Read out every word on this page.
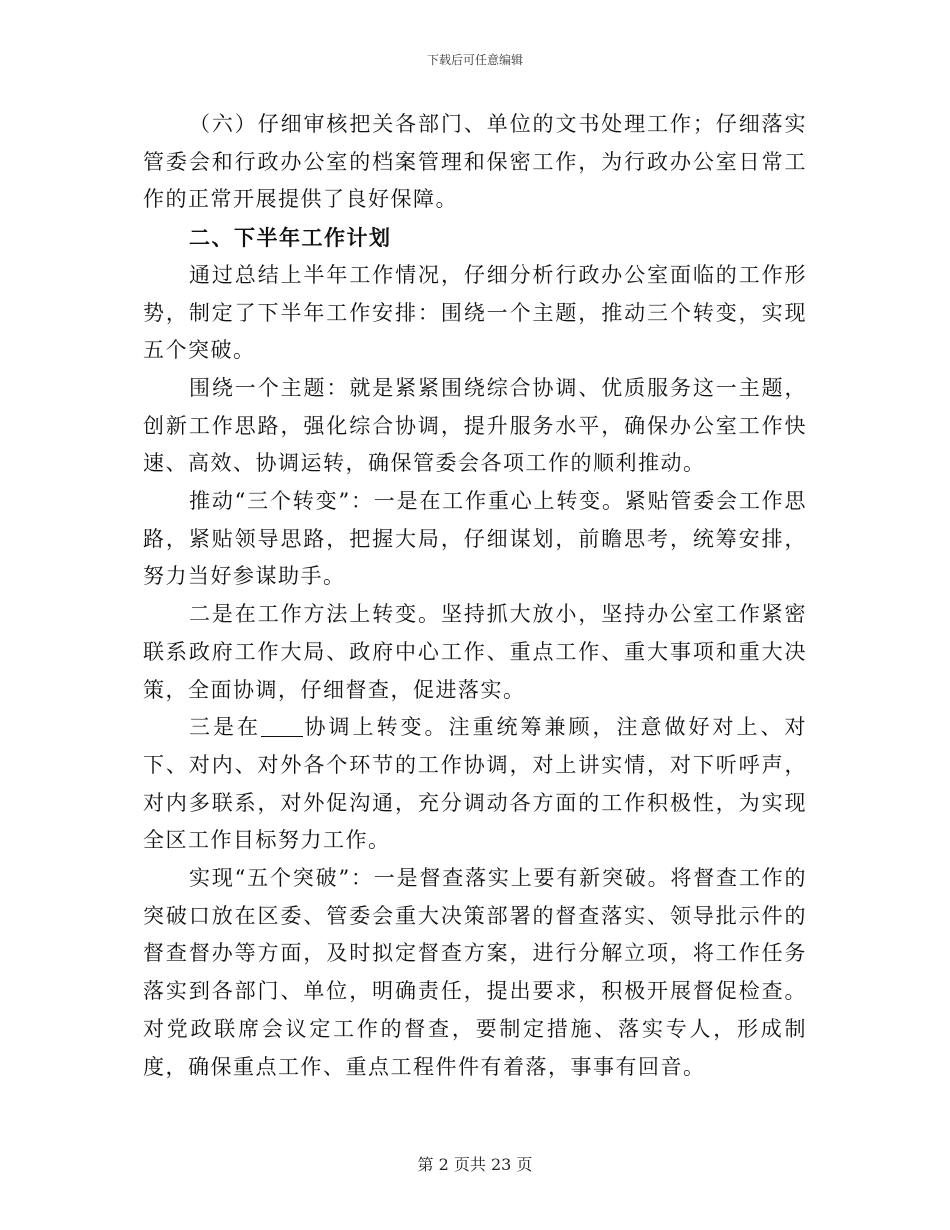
下载后可任意编辑

（六）仔细审核把关各部门、单位的文书处理工作；仔细落实管委会和行政办公室的档案管理和保密工作，为行政办公室日常工作的正常开展提供了良好保障。

二、下半年工作计划

通过总结上半年工作情况，仔细分析行政办公室面临的工作形势，制定了下半年工作安排：围绕一个主题，推动三个转变，实现五个突破。

围绕一个主题：就是紧紧围绕综合协调、优质服务这一主题，创新工作思路，强化综合协调，提升服务水平，确保办公室工作快速、高效、协调运转，确保管委会各项工作的顺利推动。

推动“三个转变”：一是在工作重心上转变。紧贴管委会工作思路，紧贴领导思路，把握大局，仔细谋划，前瞻思考，统筹安排，努力当好参谋助手。

二是在工作方法上转变。坚持抓大放小，坚持办公室工作紧密联系政府工作大局、政府中心工作、重点工作、重大事项和重大决策，全面协调，仔细督查，促进落实。

三是在 协调上转变。注重统筹兼顾，注意做好对上、对下、对内、对外各个环节的工作协调，对上讲实情，对下听呼声，对内多联系，对外促沟通，充分调动各方面的工作积极性，为实现全区工作目标努力工作。

实现“五个突破”：一是督查落实上要有新突破。将督查工作的突破口放在区委、管委会重大决策部署的督查落实、领导批示件的督查督办等方面，及时拟定督查方案，进行分解立项，将工作任务落实到各部门、单位，明确责任，提出要求，积极开展督促检查。对党政联席会议定工作的督查，要制定措施、落实专人，形成制度，确保重点工作、重点工程件件有着落，事事有回音。

第 2 页共 23 页
